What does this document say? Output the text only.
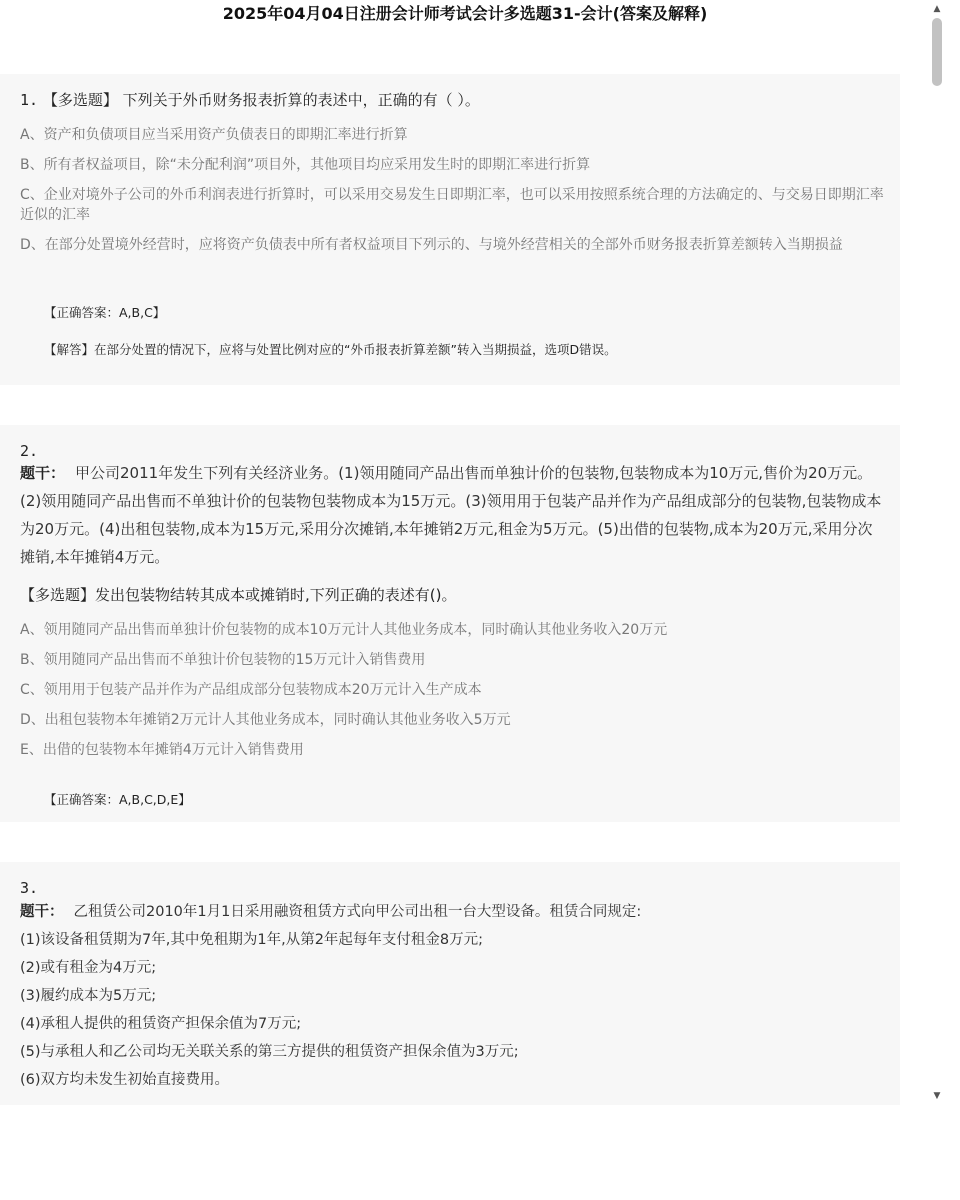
2025年04月04日注册会计师考试会计多选题31-会计(答案及解释)

1. 【多选题】 下列关于外币财务报表折算的表述中，正确的有（ ）。
A、资产和负债项目应当采用资产负债表日的即期汇率进行折算
B、所有者权益项目，除“未分配利润”项目外，其他项目均应采用发生时的即期汇率进行折算
C、企业对境外子公司的外币利润表进行折算时，可以采用交易发生日即期汇率，也可以采用按照系统合理的方法确定的、与交易日即期汇率近似的汇率
D、在部分处置境外经营时，应将资产负债表中所有者权益项目下列示的、与境外经营相关的全部外币财务报表折算差额转入当期损益
【正确答案：A,B,C】
【解答】在部分处置的情况下，应将与处置比例对应的“外币报表折算差额”转入当期损益，选项D错误。
2.
题干： 甲公司2011年发生下列有关经济业务。(1)领用随同产品出售而单独计价的包装物,包装物成本为10万元,售价为20万元。(2)领用随同产品出售而不单独计价的包装物包装物成本为15万元。(3)领用用于包装产品并作为产品组成部分的包装物,包装物成本为20万元。(4)出租包装物,成本为15万元,采用分次摊销,本年摊销2万元,租金为5万元。(5)出借的包装物,成本为20万元,采用分次摊销,本年摊销4万元。
【多选题】发出包装物结转其成本或摊销时,下列正确的表述有()。
A、领用随同产品出售而单独计价包装物的成本10万元计人其他业务成本，同时确认其他业务收入20万元
B、领用随同产品出售而不单独计价包装物的15万元计入销售费用
C、领用用于包装产品并作为产品组成部分包装物成本20万元计入生产成本
D、出租包装物本年摊销2万元计人其他业务成本，同时确认其他业务收入5万元
E、出借的包装物本年摊销4万元计入销售费用
【正确答案：A,B,C,D,E】
3.
题干： 乙租赁公司2010年1月1日采用融资租赁方式向甲公司出租一台大型设备。租赁合同规定:
(1)该设备租赁期为7年,其中免租期为1年,从第2年起每年支付租金8万元;
(2)或有租金为4万元;
(3)履约成本为5万元;
(4)承租人提供的租赁资产担保余值为7万元;
(5)与承租人和乙公司均无关联关系的第三方提供的租赁资产担保余值为3万元;
(6)双方均未发生初始直接费用。
▲
▼
